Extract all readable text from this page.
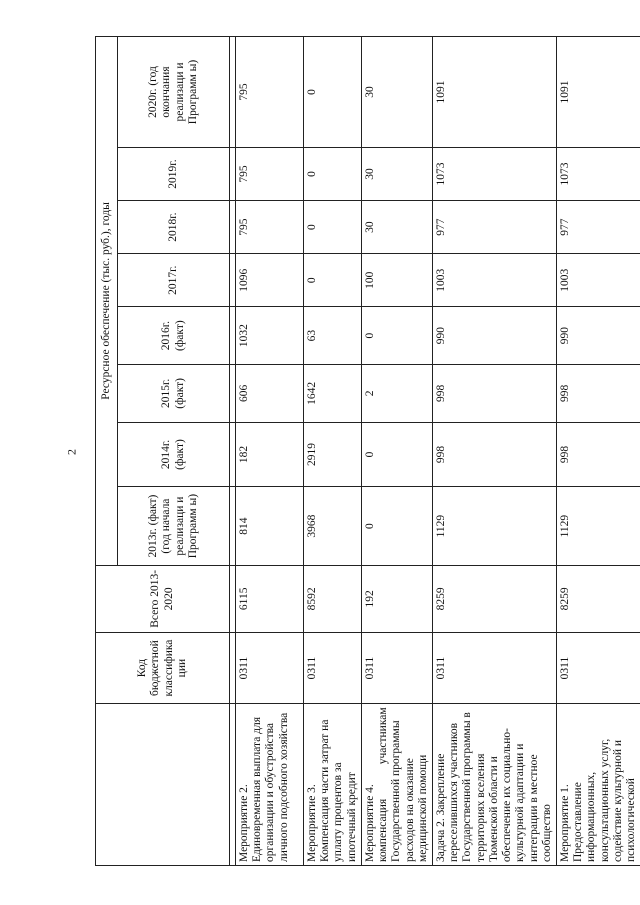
2
	Код бюджетной классифика ции	Всего 2013-2020	Ресурсное обеспечение (тыс. руб.), годы							
			2013г. (факт) (год начала реализаци и Программ ы)	2014г. (факт)	2015г. (факт)	2016г. (факт)	2017г.	2018г.	2019г.	2020г. (год окончания реализаци и Программ ы)

Мероприятие 2. Единовременная выплата для организации и обустройства личного подсобного хозяйства	0311	6115	814	182	606	1032	1096	795	795	795

Мероприятие 3. Компенсация части затрат на уплату процентов за ипотечный кредит	0311	8592	3968	2919	1642	63	0	0	0	0

Мероприятие 4. компенсация участникам Государственной программы расходов на оказание медицинской помощи	0311	192	0	0	2	0	100	30	30	30

Задача 2. Закрепление переселившихся участников Государственной программы в территориях вселения Тюменской области и обеспечение их социально-культурной адаптации и интеграции в местное сообщество	0311	8259	1129	998	998	990	1003	977	1073	1091

Мероприятие 1. Предоставление информационных, консультационных услуг, содействие культурной и психологической	0311	8259	1129	998	998	990	1003	977	1073	1091
